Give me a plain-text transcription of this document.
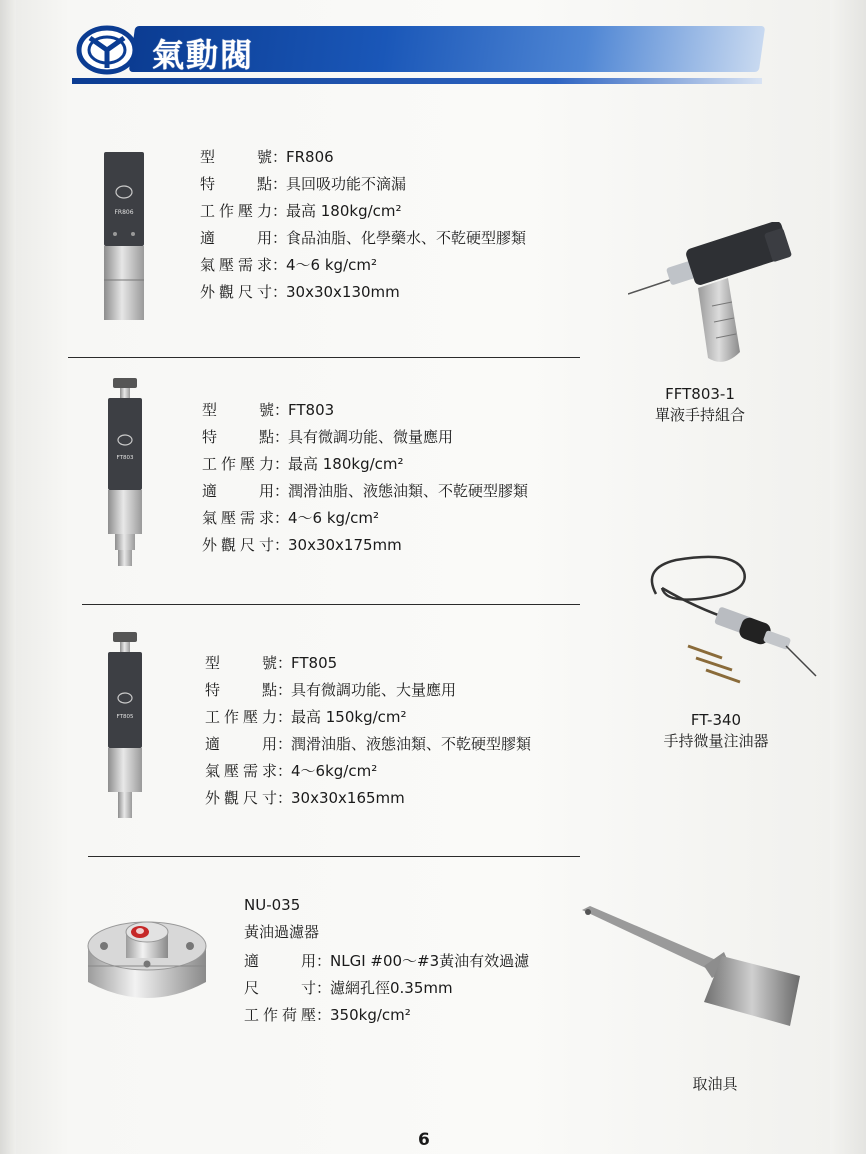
氣動閥
FR806
型號 ：
FR806
特點 ：
具回吸功能不滴漏
工作壓力 ：
最高 180kg/cm²
適用 ：
食品油脂、化學藥水、不乾硬型膠類
氣壓需求 ：
4～6 kg/cm²
外觀尺寸 ：
30x30x130mm
FT803
型號 ：
FT803
特點 ：
具有微調功能、微量應用
工作壓力 ：
最高 180kg/cm²
適用 ：
潤滑油脂、液態油類、不乾硬型膠類
氣壓需求 ：
4～6 kg/cm²
外觀尺寸 ：
30x30x175mm
FT805
型號 ：
FT805
特點 ：
具有微調功能、大量應用
工作壓力 ：
最高 150kg/cm²
適用 ：
潤滑油脂、液態油類、不乾硬型膠類
氣壓需求 ：
4～6kg/cm²
外觀尺寸 ：
30x30x165mm
NU-035
黃油過濾器
適用 ：
NLGI #00～#3黃油有效過濾
尺寸 ：
濾網孔徑0.35mm
工作荷壓 ：
350kg/cm²
FFT803-1
單液手持組合
FT-340
手持微量注油器
取油具
6
